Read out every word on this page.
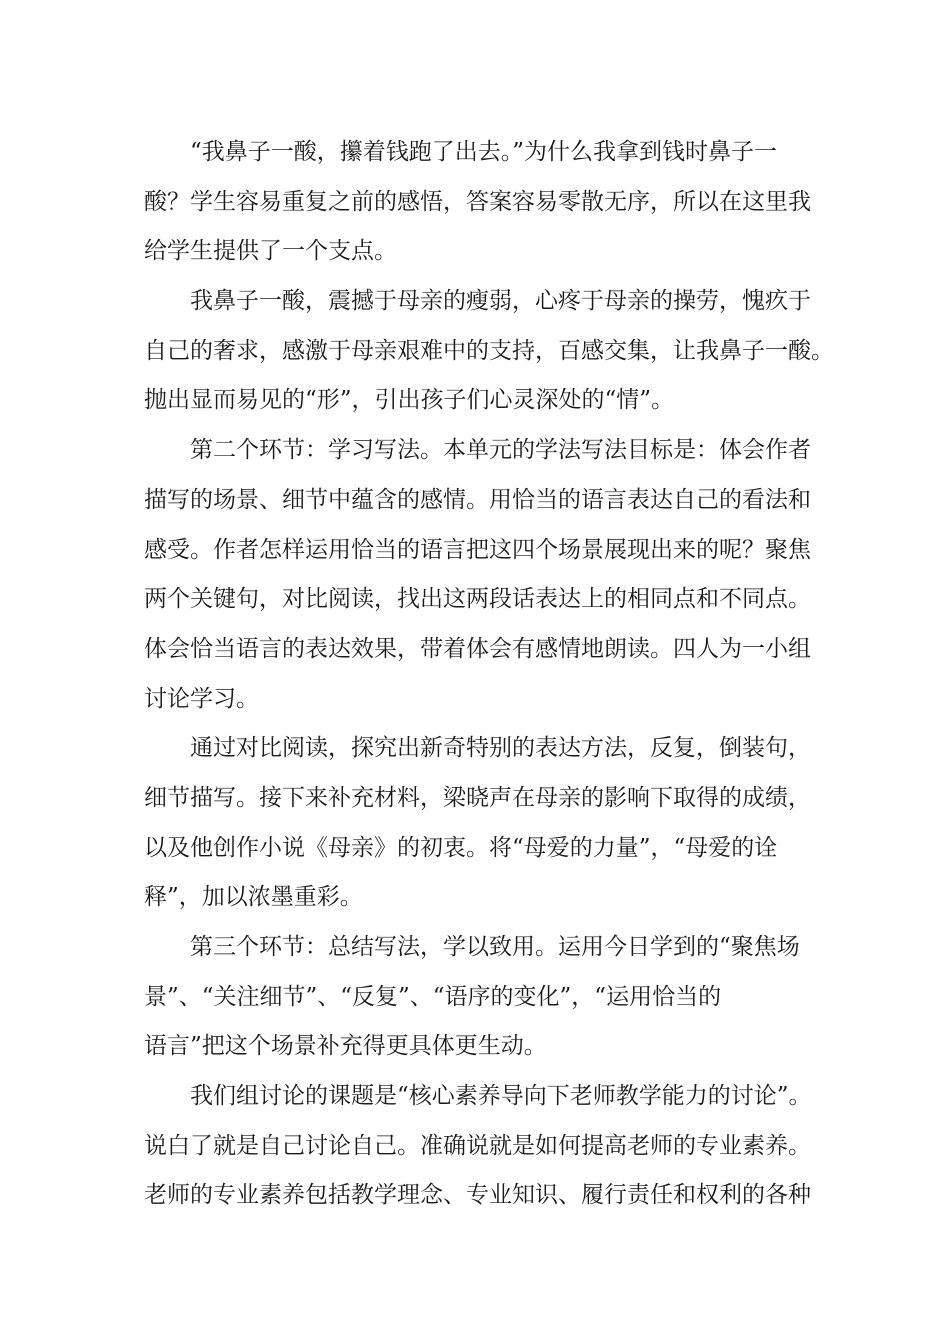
“我鼻子一酸，攥着钱跑了出去。”为什么我拿到钱时鼻子一
酸？学生容易重复之前的感悟，答案容易零散无序，所以在这里我
给学生提供了一个支点。
我鼻子一酸，震撼于母亲的瘦弱，心疼于母亲的操劳，愧疚于
自己的奢求，感激于母亲艰难中的支持，百感交集，让我鼻子一酸。
抛出显而易见的“形”，引出孩子们心灵深处的“情”。
第二个环节：学习写法。本单元的学法写法目标是：体会作者
描写的场景、细节中蕴含的感情。用恰当的语言表达自己的看法和
感受。作者怎样运用恰当的语言把这四个场景展现出来的呢？聚焦
两个关键句，对比阅读，找出这两段话表达上的相同点和不同点。
体会恰当语言的表达效果，带着体会有感情地朗读。四人为一小组
讨论学习。
通过对比阅读，探究出新奇特别的表达方法，反复，倒装句，
细节描写。接下来补充材料，梁晓声在母亲的影响下取得的成绩，
以及他创作小说《母亲》的初衷。将“母爱的力量”，“母爱的诠
释”，加以浓墨重彩。
第三个环节：总结写法，学以致用。运用今日学到的“聚焦场
景”、“关注细节”、“反复”、“语序的变化”，“运用恰当的
语言”把这个场景补充得更具体更生动。
我们组讨论的课题是“核心素养导向下老师教学能力的讨论”。
说白了就是自己讨论自己。准确说就是如何提高老师的专业素养。
老师的专业素养包括教学理念、专业知识、履行责任和权利的各种
